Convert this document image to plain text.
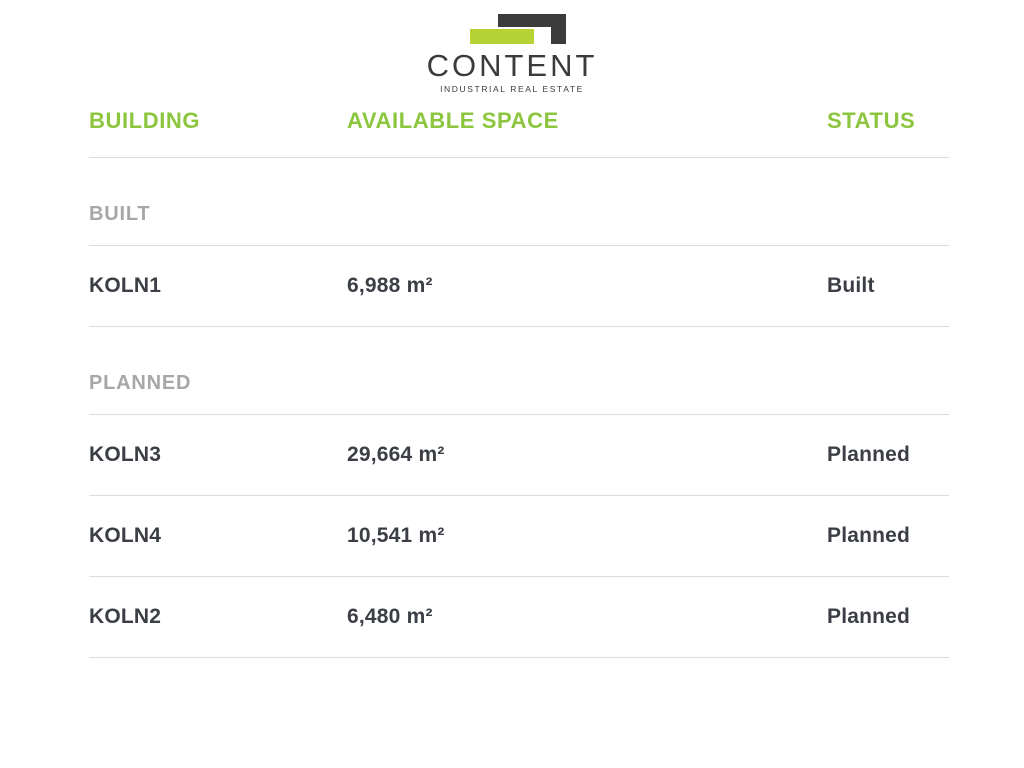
CONTENT
INDUSTRIAL REAL ESTATE
BUILDING	AVAILABLE SPACE	STATUS
BUILT
KOLN1	6,988 m²	Built
PLANNED
KOLN3	29,664 m²	Planned
KOLN4	10,541 m²	Planned
KOLN2	6,480 m²	Planned
